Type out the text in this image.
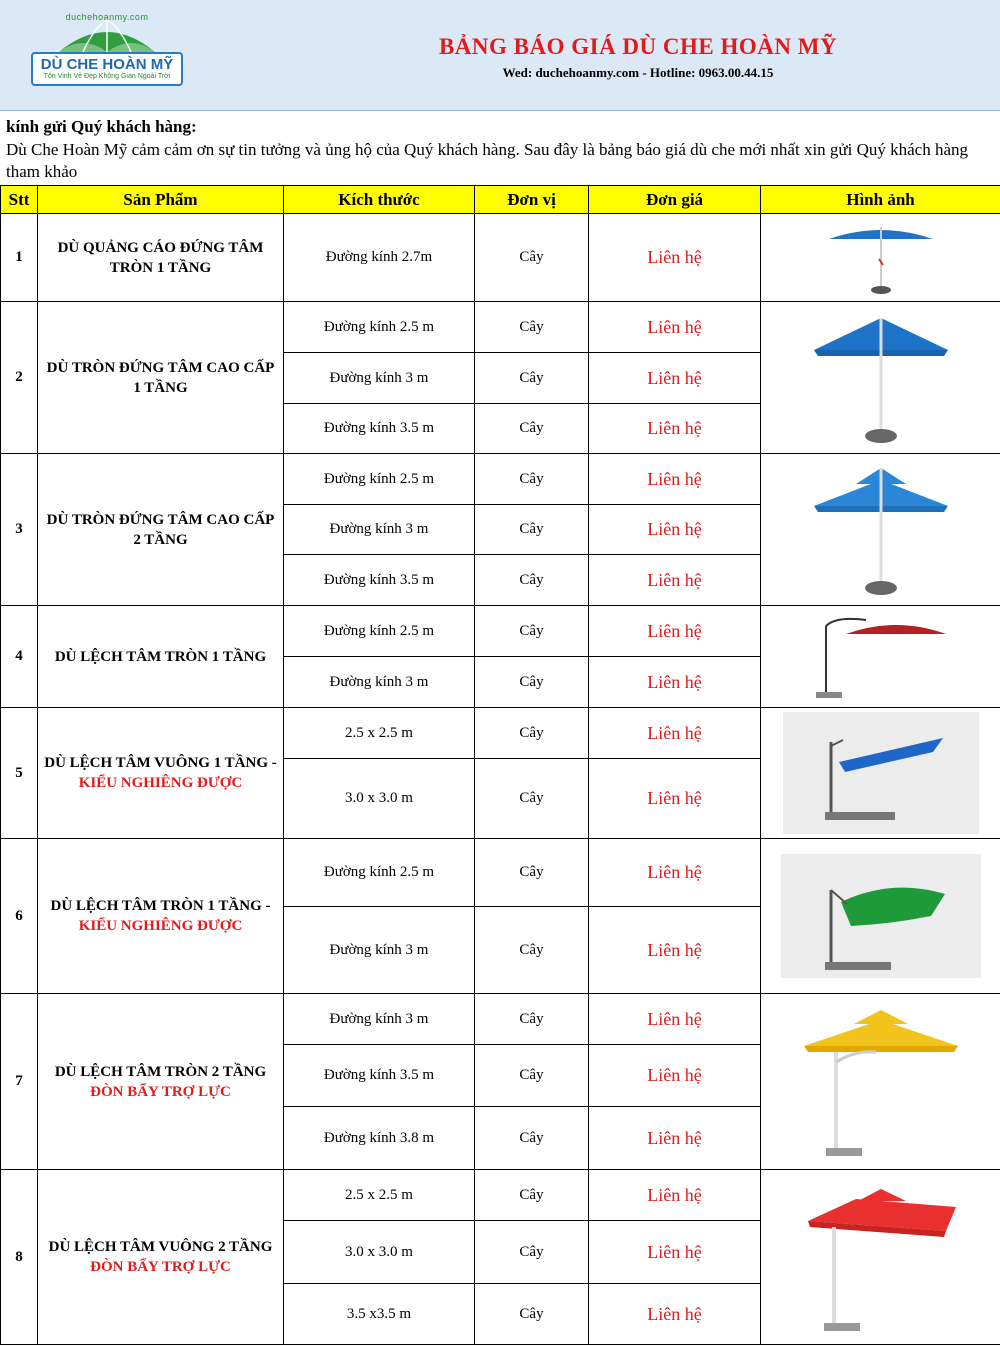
duchehoanmy.com
DÙ CHE HOÀN MỸ
Tôn Vinh Vẻ Đẹp Không Gian Ngoài Trời
BẢNG BÁO GIÁ DÙ CHE HOÀN MỸ
Wed: duchehoanmy.com - Hotline: 0963.00.44.15
kính gửi Quý khách hàng:
Dù Che Hoàn Mỹ cảm cảm ơn sự tin tưởng và ủng hộ của Quý khách hàng. Sau đây là bảng báo giá dù che mới nhất xin gửi Quý khách hàng tham khảo
Stt	Sản Phẩm	Kích thước	Đơn vị	Đơn giá	Hình ảnh
1	DÙ QUẢNG CÁO ĐỨNG TÂM TRÒN 1 TẦNG	Đường kính 2.7m	Cây	Liên hệ	

2	DÙ TRÒN ĐỨNG TÂM CAO CẤP 1 TẦNG	Đường kính 2.5 m	Cây	Liên hệ	

		Đường kính 3 m	Cây	Liên hệ	
		Đường kính 3.5 m	Cây	Liên hệ	
3	DÙ TRÒN ĐỨNG TÂM CAO CẤP 2 TẦNG	Đường kính 2.5 m	Cây	Liên hệ	

		Đường kính 3 m	Cây	Liên hệ	
		Đường kính 3.5 m	Cây	Liên hệ	
4	DÙ LỆCH TÂM TRÒN 1 TẦNG	Đường kính 2.5 m	Cây	Liên hệ	

		Đường kính 3 m	Cây	Liên hệ	
5	DÙ LỆCH TÂM VUÔNG 1 TẦNG -
KIỂU NGHIÊNG ĐƯỢC	2.5 x 2.5 m	Cây	Liên hệ	

		3.0 x 3.0 m	Cây	Liên hệ	
6	DÙ LỆCH TÂM TRÒN 1 TẦNG -
KIỂU NGHIÊNG ĐƯỢC	Đường kính 2.5 m	Cây	Liên hệ	

		Đường kính 3 m	Cây	Liên hệ	
7	DÙ LỆCH TÂM TRÒN 2 TẦNG
ĐÒN BẨY TRỢ LỰC	Đường kính 3 m	Cây	Liên hệ	

		Đường kính 3.5 m	Cây	Liên hệ	
		Đường kính 3.8 m	Cây	Liên hệ	
8	DÙ LỆCH TÂM VUÔNG 2 TẦNG
ĐÒN BẨY TRỢ LỰC	2.5 x 2.5 m	Cây	Liên hệ	

		3.0 x 3.0 m	Cây	Liên hệ	
		3.5 x3.5 m	Cây	Liên hệ	
